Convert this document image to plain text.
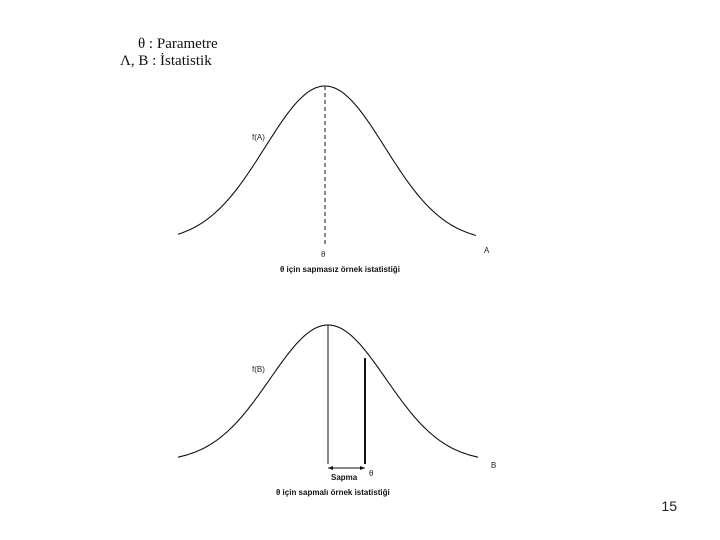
θ : Parametre
Λ, B : İstatistik
f(A)
θ	A
θ için sapmasız örnek istatistiği
f(B)
θ
B
Sapma
θ için sapmalı örnek istatistiği
15
